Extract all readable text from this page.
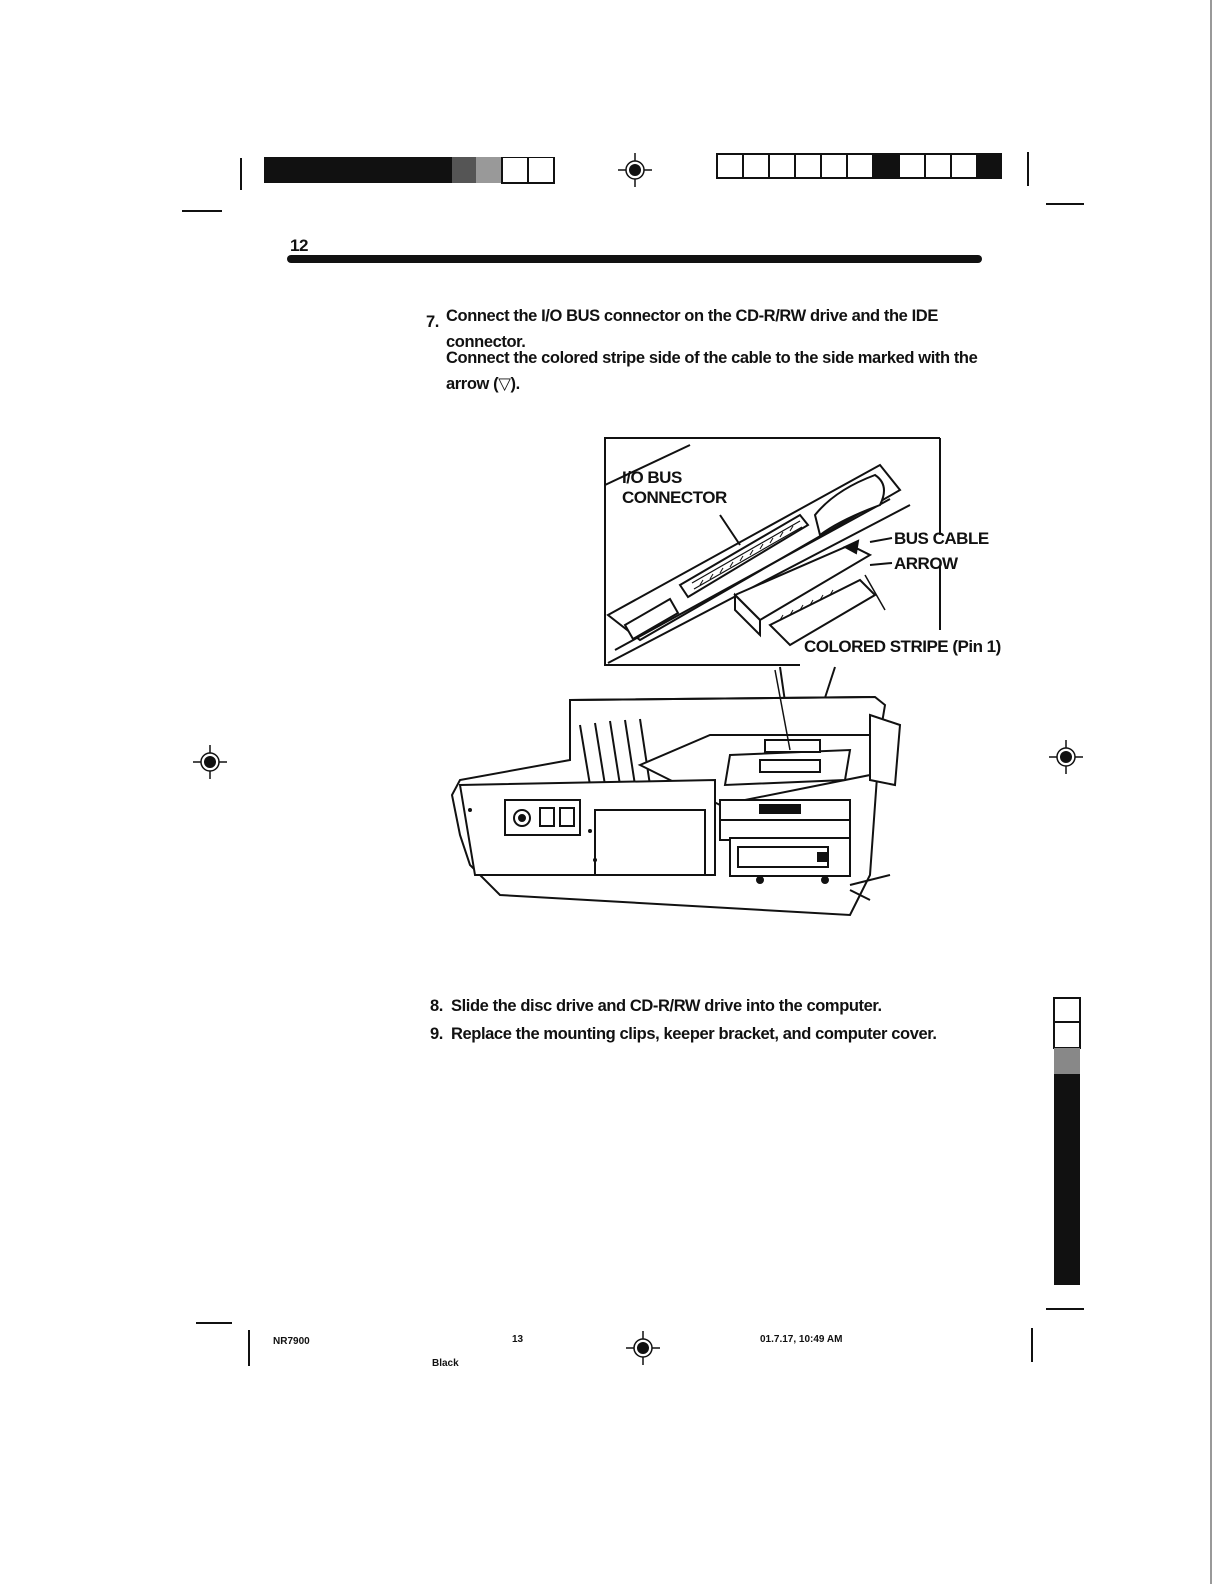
12
7. Connect the I/O BUS connector on the CD-R/RW drive and the IDE
connector.
Connect the colored stripe side of the cable to the side marked with the
arrow (▽).
I/O BUS
CONNECTOR
BUS CABLE
ARROW
COLORED STRIPE (Pin 1)
8. Slide the disc drive and CD-R/RW drive into the computer.
9. Replace the mounting clips, keeper bracket, and computer cover.
NR7900	13
Black
01.7.17, 10:49 AM
